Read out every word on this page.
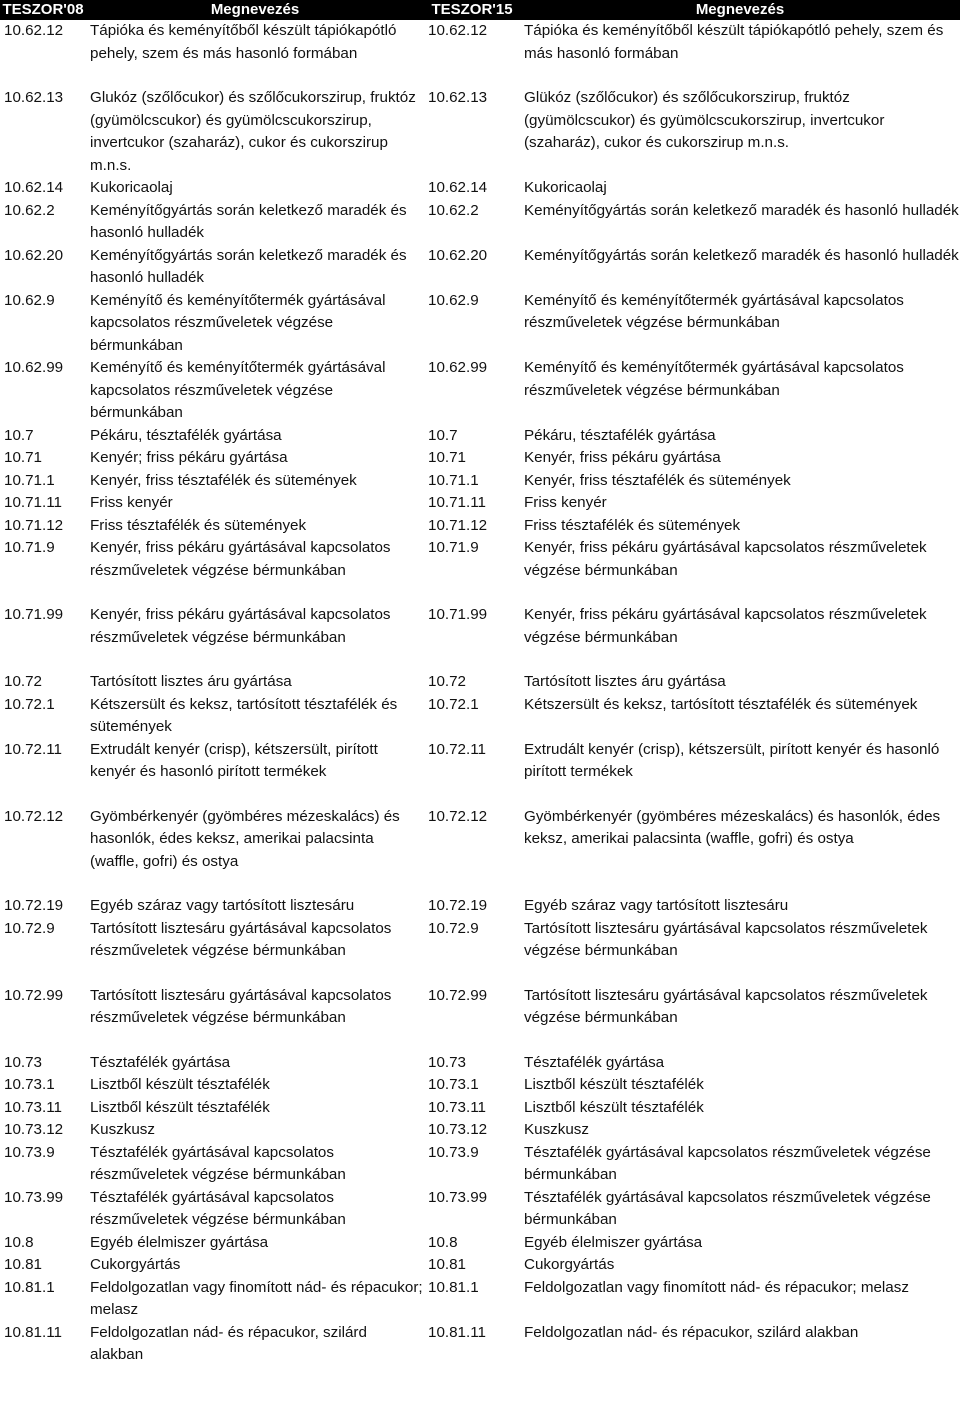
TESZOR'08	Megnevezés	TESZOR'15	Megnevezés
10.62.12	Tápióka és keményítőből készült tápiókapótló pehely, szem és más hasonló formában	10.62.12	Tápióka és keményítőből készült tápiókapótló pehely, szem és más hasonló formában
10.62.13	Glukóz (szőlőcukor) és szőlőcukorszirup, fruktóz (gyümölcscukor) és gyümölcscukorszirup, invertcukor (szaharáz), cukor és cukorszirup m.n.s.	10.62.13	Glükóz (szőlőcukor) és szőlőcukorszirup, fruktóz (gyümölcscukor) és gyümölcscukorszirup, invertcukor (szaharáz), cukor és cukorszirup m.n.s.
10.62.14	Kukoricaolaj	10.62.14	Kukoricaolaj
10.62.2	Keményítőgyártás során keletkező maradék és hasonló hulladék	10.62.2	Keményítőgyártás során keletkező maradék és hasonló hulladék
10.62.20	Keményítőgyártás során keletkező maradék és hasonló hulladék	10.62.20	Keményítőgyártás során keletkező maradék és hasonló hulladék
10.62.9	Keményítő és keményítőtermék gyártásával kapcsolatos részműveletek végzése bérmunkában	10.62.9	Keményítő és keményítőtermék gyártásával kapcsolatos részműveletek végzése bérmunkában
10.62.99	Keményítő és keményítőtermék gyártásával kapcsolatos részműveletek végzése bérmunkában	10.62.99	Keményítő és keményítőtermék gyártásával kapcsolatos részműveletek végzése bérmunkában
10.7	Pékáru, tésztafélék gyártása	10.7	Pékáru, tésztafélék gyártása
10.71	Kenyér; friss pékáru gyártása	10.71	Kenyér, friss pékáru gyártása
10.71.1	Kenyér, friss tésztafélék és sütemények	10.71.1	Kenyér, friss tésztafélék és sütemények
10.71.11	Friss kenyér	10.71.11	Friss kenyér
10.71.12	Friss tésztafélék és sütemények	10.71.12	Friss tésztafélék és sütemények
10.71.9	Kenyér, friss pékáru gyártásával kapcsolatos részműveletek végzése bérmunkában	10.71.9	Kenyér, friss pékáru gyártásával kapcsolatos részműveletek végzése bérmunkában
10.71.99	Kenyér, friss pékáru gyártásával kapcsolatos részműveletek végzése bérmunkában	10.71.99	Kenyér, friss pékáru gyártásával kapcsolatos részműveletek végzése bérmunkában
10.72	Tartósított lisztes áru gyártása	10.72	Tartósított lisztes áru gyártása
10.72.1	Kétszersült és keksz, tartósított tésztafélék és sütemények	10.72.1	Kétszersült és keksz, tartósított tésztafélék és sütemények
10.72.11	Extrudált kenyér (crisp), kétszersült, pirított kenyér és hasonló pirított termékek	10.72.11	Extrudált kenyér (crisp), kétszersült, pirított kenyér és hasonló pirított termékek
10.72.12	Gyömbérkenyér (gyömbéres mézeskalács) és hasonlók, édes keksz, amerikai palacsinta (waffle, gofri) és ostya	10.72.12	Gyömbérkenyér (gyömbéres mézeskalács) és hasonlók, édes keksz, amerikai palacsinta (waffle, gofri) és ostya
10.72.19	Egyéb száraz vagy tartósított lisztesáru	10.72.19	Egyéb száraz vagy tartósított lisztesáru
10.72.9	Tartósított lisztesáru gyártásával kapcsolatos részműveletek végzése bérmunkában	10.72.9	Tartósított lisztesáru gyártásával kapcsolatos részműveletek végzése bérmunkában
10.72.99	Tartósított lisztesáru gyártásával kapcsolatos részműveletek végzése bérmunkában	10.72.99	Tartósított lisztesáru gyártásával kapcsolatos részműveletek végzése bérmunkában
10.73	Tésztafélék gyártása	10.73	Tésztafélék gyártása
10.73.1	Lisztből készült tésztafélék	10.73.1	Lisztből készült tésztafélék
10.73.11	Lisztből készült tésztafélék	10.73.11	Lisztből készült tésztafélék
10.73.12	Kuszkusz	10.73.12	Kuszkusz
10.73.9	Tésztafélék gyártásával kapcsolatos részműveletek végzése bérmunkában	10.73.9	Tésztafélék gyártásával kapcsolatos részműveletek végzése bérmunkában
10.73.99	Tésztafélék gyártásával kapcsolatos részműveletek végzése bérmunkában	10.73.99	Tésztafélék gyártásával kapcsolatos részműveletek végzése bérmunkában
10.8	Egyéb élelmiszer gyártása	10.8	Egyéb élelmiszer gyártása
10.81	Cukorgyártás	10.81	Cukorgyártás
10.81.1	Feldolgozatlan vagy finomított nád- és répacukor; melasz	10.81.1	Feldolgozatlan vagy finomított nád- és répacukor; melasz
10.81.11	Feldolgozatlan nád- és répacukor, szilárd alakban	10.81.11	Feldolgozatlan nád- és répacukor, szilárd alakban
